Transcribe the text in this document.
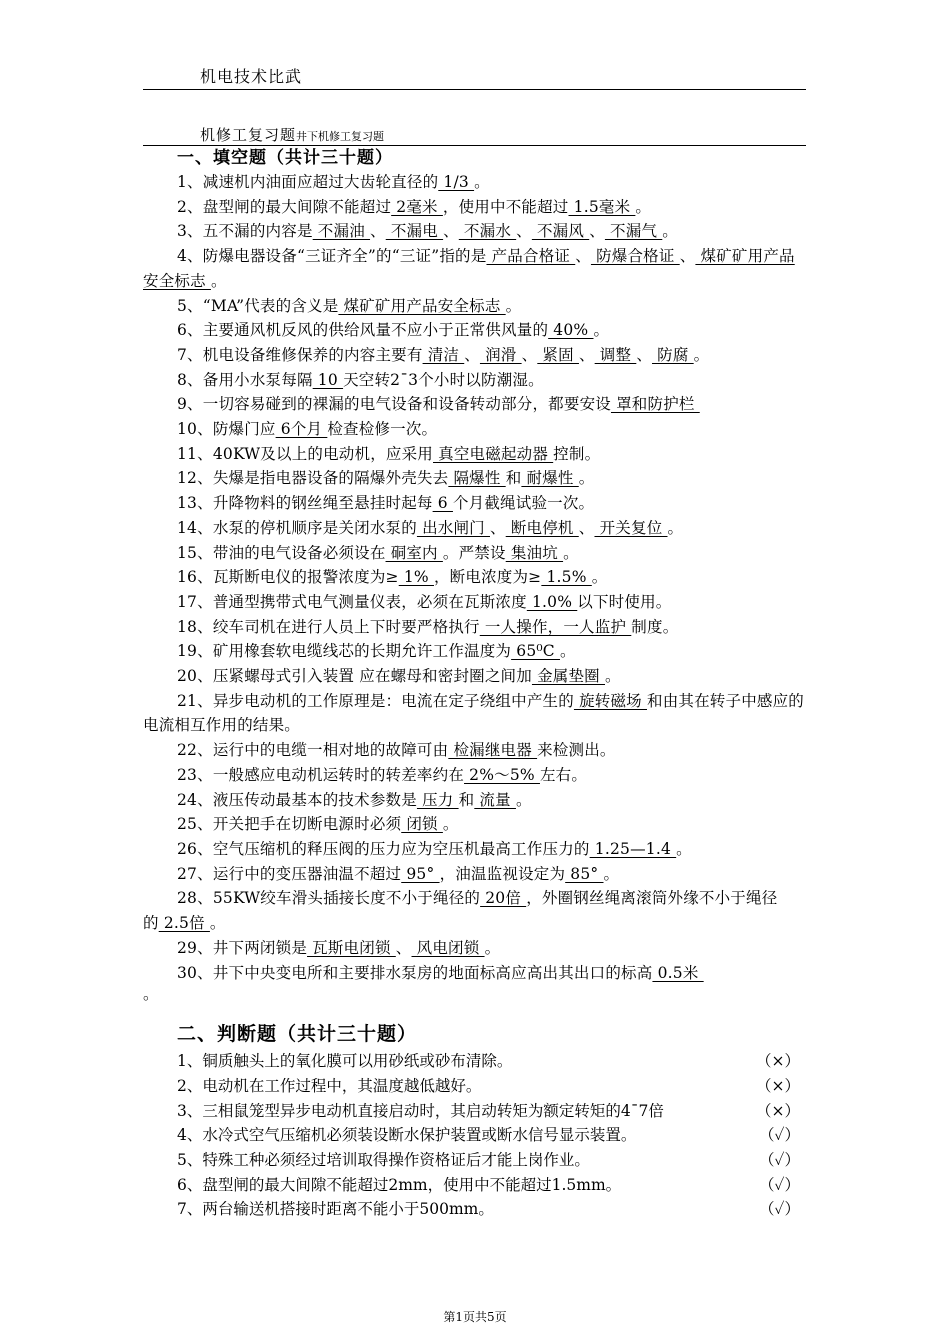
机电技术比武
机修工复习题井下机修工复习题
一、填空题（共计三十题）
1、减速机内油面应超过大齿轮直径的 1/3 。
2、盘型闸的最大间隙不能超过 2毫米 ，使用中不能超过 1.5毫米 。
3、五不漏的内容是 不漏油 、 不漏电 、 不漏水 、 不漏风 、 不漏气 。
4、防爆电器设备“三证齐全”的“三证”指的是 产品合格证 、 防爆合格证 、 煤矿矿用产品安全标志 。
5、“MA”代表的含义是 煤矿矿用产品安全标志 。
6、主要通风机反风的供给风量不应小于正常供风量的 40% 。
7、机电设备维修保养的内容主要有 清洁 、 润滑 、 紧固 、 调整 、 防腐 。
8、备用小水泵每隔 10 天空转2¯3个小时以防潮湿。
9、一切容易碰到的裸漏的电气设备和设备转动部分，都要安设 罩和防护栏
10、防爆门应 6个月 检查检修一次。
11、40KW及以上的电动机，应采用 真空电磁起动器 控制。
12、失爆是指电器设备的隔爆外壳失去 隔爆性 和 耐爆性 。
13、升降物料的钢丝绳至悬挂时起每 6 个月截绳试验一次。
14、水泵的停机顺序是关闭水泵的 出水闸门 、 断电停机 、 开关复位 。
15、带油的电气设备必须设在 硐室内 。严禁设 集油坑 。
16、瓦斯断电仪的报警浓度为≥ 1% ，断电浓度为≥ 1.5% 。
17、普通型携带式电气测量仪表，必须在瓦斯浓度 1.0% 以下时使用。
18、绞车司机在进行人员上下时要严格执行 一人操作，一人监护 制度。
19、矿用橡套软电缆线芯的长期允许工作温度为 65⁰C 。
20、压紧螺母式引入装置 应在螺母和密封圈之间加 金属垫圈 。
21、异步电动机的工作原理是：电流在定子绕组中产生的 旋转磁场 和由其在转子中感应的电流相互作用的结果。
22、运行中的电缆一相对地的故障可由 检漏继电器 来检测出。
23、一般感应电动机运转时的转差率约在 2%～5% 左右。
24、液压传动最基本的技术参数是 压力 和 流量 。
25、开关把手在切断电源时必须 闭锁 。
26、空气压缩机的释压阀的压力应为空压机最高工作压力的 1.25—1.4 。
27、运行中的变压器油温不超过 95° ，油温监视设定为 85° 。
28、55KW绞车滑头插接长度不小于绳径的 20倍 ，外圈钢丝绳离滚筒外缘不小于绳径的 2.5倍 。
29、井下两闭锁是 瓦斯电闭锁 、 风电闭锁 。
30、井下中央变电所和主要排水泵房的地面标高应高出其出口的标高 0.5米
。
二、判断题（共计三十题）
1、铜质触头上的氧化膜可以用砂纸或砂布清除。	（×）
2、电动机在工作过程中，其温度越低越好。	（×）
3、三相鼠笼型异步电动机直接启动时，其启动转矩为额定转矩的4¯7倍	（×）
4、水冷式空气压缩机必须装设断水保护装置或断水信号显示装置。	（✓）
5、特殊工种必须经过培训取得操作资格证后才能上岗作业。	（✓）
6、盘型闸的最大间隙不能超过2mm，使用中不能超过1.5mm。	（✓）
7、两台输送机搭接时距离不能小于500mm。	（✓）
第1页共5页
